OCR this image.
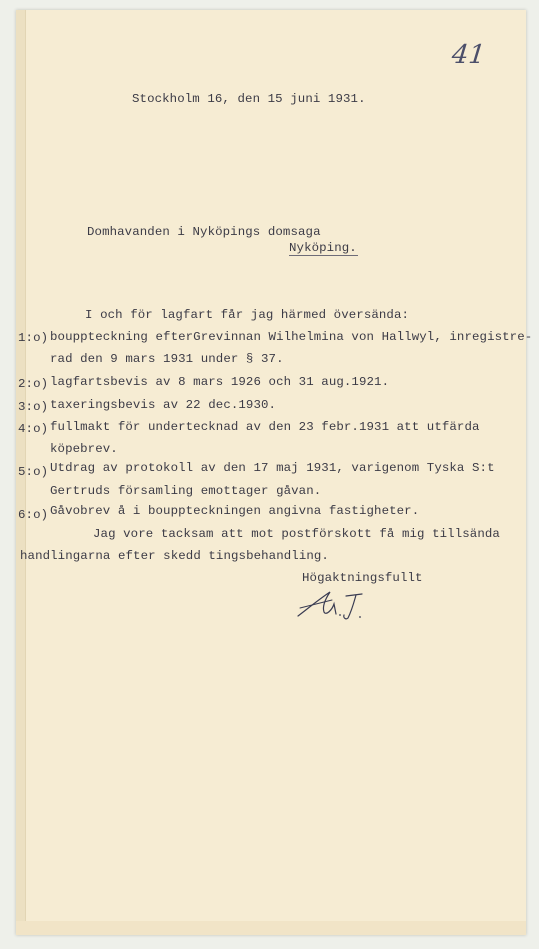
41
Stockholm 16, den 15 juni 1931.
Domhavanden i Nyköpings domsaga
Nyköping.
I och för lagfart får jag härmed översända:
1:o) bouppteckning efterGrevinnan Wilhelmina von Hallwyl, inregistre-
rad den 9 mars 1931 under § 37.
2:o) lagfartsbevis av 8 mars 1926 och 31 aug.1921.
3:o) taxeringsbevis av 22 dec.1930.
4:o) fullmakt för undertecknad av den 23 febr.1931 att utfärda
köpebrev.
5:o) Utdrag av protokoll av den 17 maj 1931, varigenom Tyska S:t
Gertruds församling emottager gåvan.
6:o) Gåvobrev å i bouppteckningen angivna fastigheter.
Jag vore tacksam att mot postförskott få mig tillsända
handlingarna efter skedd tingsbehandling.
Högaktningsfullt
